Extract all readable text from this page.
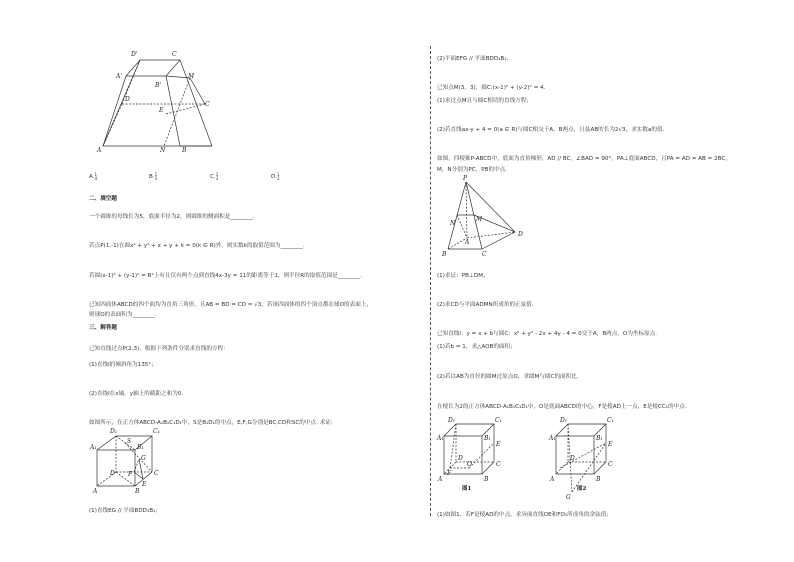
D'	C
A'
B'
M
D
C
E
A	N	B
A.1
4	B.1
3	C.1
3	D.1
2
二、填空题
一个圆锥的母线长为5，底面半径为2，则圆锥的侧面积是________.
若点P(1,-1)在圆x² + y² + x + y + k = 0(k ∈ R)外，则实数k的取值范围为________.
若圆(x-1)² + (y-1)² = R²上有且仅有两个点到直线4x-3y = 11的距离等于1，则半径R的取值范围是________.
已知四面体ABCD的四个面均为直角三角形，且AB = BD = CD = √3，若该四面体的四个顶点都在球O的表面上，
则球O的表面积为________.
三、解答题
已知直线过点P(2,3)，根据下列条件分别求直线的方程：
(1)直线l的倾斜角为135°；
(2)直线l在x轴，y轴上的截距之和为0.
如图所示，在正方体ABCD-A₁B₁C₁D₁中，S是B₁D₁的中点，E,F,G分别是BC,CD和SC的中点. 求证:
D₁	C₁
A₁	B₁
S
G
D F	C
E
A	B
(1)直线EG // 平面BDD₁B₁；
(2)平面EFG // 平面BDD₁B₁.
已知点M(3，3)，圆C:(x-1)² + (y-2)² = 4.
(1)求过点M且与圆C相切的直线方程；
(2)若直线ax-y + 4 = 0(a ∈ R)与圆C相交于A，B两点，且弦AB的长为2√3，求实数a的值.
如图，四棱锥P-ABCD中，底面为直角梯形，AD // BC，∠BAD = 90°，PA⊥底面ABCD，且PA = AD = AB = 2BC，
M，N分别为PC，PB的中点.
P
N
M
A
B	C
D
(1)求证：PB⊥DM；
(2)求CD与平面ADMN所成角的正弦值.
已知直线l：y = x + b与圆C：x² + y² - 2x + 4y - 4 = 0交于A，B两点，O为坐标原点.
(1)若b = 1，求△AOB的面积；
(2)若以AB为直径的圆M过原点O，求圆M与圆C的面积比.
在棱长为2的正方体ABCD-A₁B₁C₁D₁中，O是底面ABCD的中心，F是棱AD上一点，E是棱CC₁的中点.
D₁	C₁
A₁	B₁
E
D
O	C
A
F
B
图1
D₁	C₁
A₁	B₁
E
D
C
A	B
G
图2
(1)如图1，若F是棱AD的中点，求异面直线OE和FO₁所成角的余弦值；
